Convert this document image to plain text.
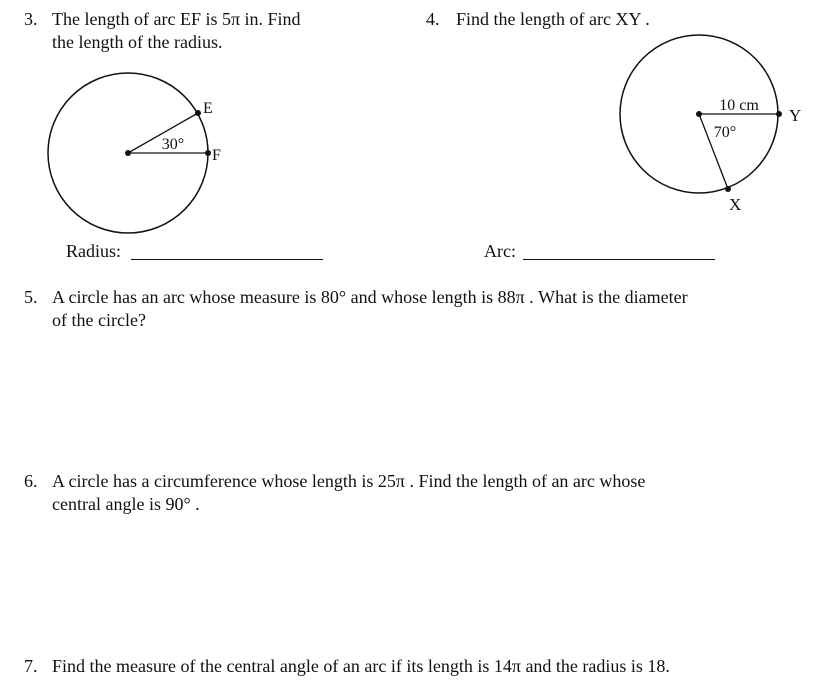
3. The length of arc EF is 5π in. Find
the length of the radius.
30°
E
F
Radius:
4. Find the length of arc XY .
10 cm
70°
Y
X
Arc:
5. A circle has an arc whose measure is 80° and whose length is 88π . What is the diameter
of the circle?
6. A circle has a circumference whose length is 25π . Find the length of an arc whose
central angle is 90° .
7. Find the measure of the central angle of an arc if its length is 14π and the radius is 18.
